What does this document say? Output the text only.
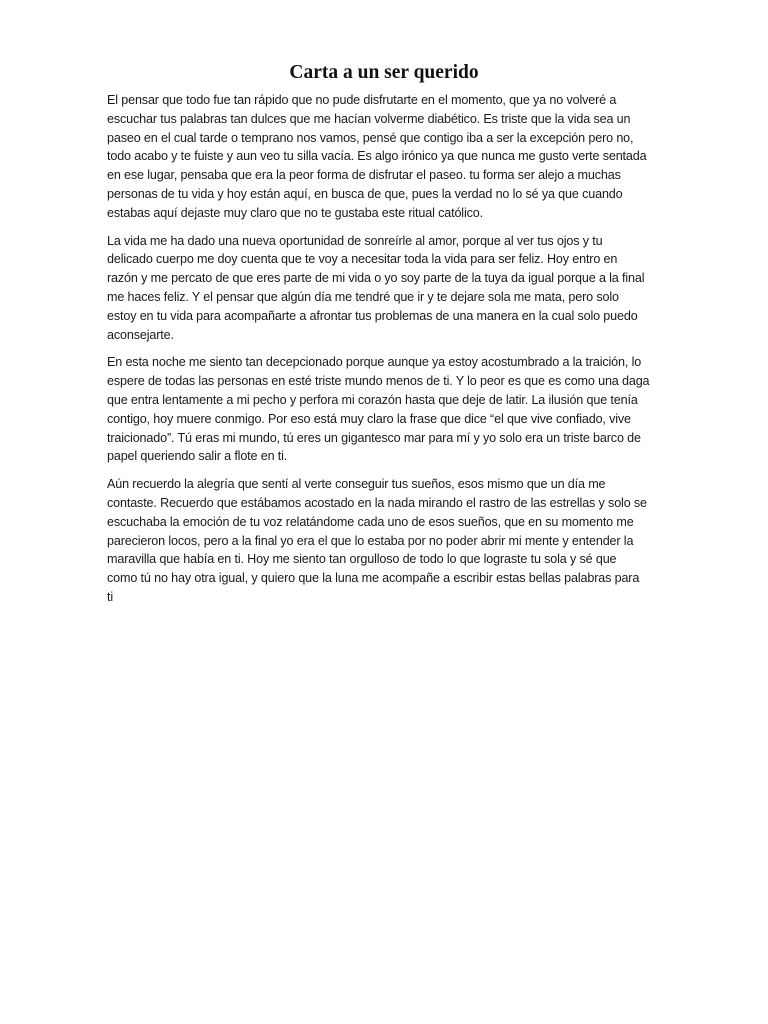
Carta a un ser querido

El pensar que todo fue tan rápido que no pude disfrutarte en el momento, que ya no volveré a
escuchar tus palabras tan dulces que me hacían volverme diabético. Es triste que la vida sea un
paseo en el cual tarde o temprano nos vamos, pensé que contigo iba a ser la excepción pero no,
todo acabo y te fuiste y aun veo tu silla vacía. Es algo irónico ya que nunca me gusto verte sentada
en ese lugar, pensaba que era la peor forma de disfrutar el paseo. tu forma ser alejo a muchas
personas de tu vida y hoy están aquí, en busca de que, pues la verdad no lo sé ya que cuando
estabas aquí dejaste muy claro que no te gustaba este ritual católico.

La vida me ha dado una nueva oportunidad de sonreírle al amor, porque al ver tus ojos y tu
delicado cuerpo me doy cuenta que te voy a necesitar toda la vida para ser feliz. Hoy entro en
razón y me percato de que eres parte de mi vida o yo soy parte de la tuya da igual porque a la final
me haces feliz. Y el pensar que algún día me tendré que ir y te dejare sola me mata, pero solo
estoy en tu vida para acompañarte a afrontar tus problemas de una manera en la cual solo puedo
aconsejarte.

En esta noche me siento tan decepcionado porque aunque ya estoy acostumbrado a la traición, lo
espere de todas las personas en esté triste mundo menos de ti. Y lo peor es que es como una daga
que entra lentamente a mi pecho y perfora mi corazón hasta que deje de latir. La ilusión que tenía
contigo, hoy muere conmigo. Por eso está muy claro la frase que dice “el que vive confiado, vive
traicionado”. Tú eras mi mundo, tú eres un gigantesco mar para mí y yo solo era un triste barco de
papel queriendo salir a flote en ti.

Aún recuerdo la alegría que sentí al verte conseguir tus sueños, esos mismo que un día me
contaste. Recuerdo que estábamos acostado en la nada mirando el rastro de las estrellas y solo se
escuchaba la emoción de tu voz relatándome cada uno de esos sueños, que en su momento me
parecieron locos, pero a la final yo era el que lo estaba por no poder abrir mi mente y entender la
maravilla que había en ti. Hoy me siento tan orgulloso de todo lo que lograste tu sola y sé que
como tú no hay otra igual, y quiero que la luna me acompañe a escribir estas bellas palabras para
ti
